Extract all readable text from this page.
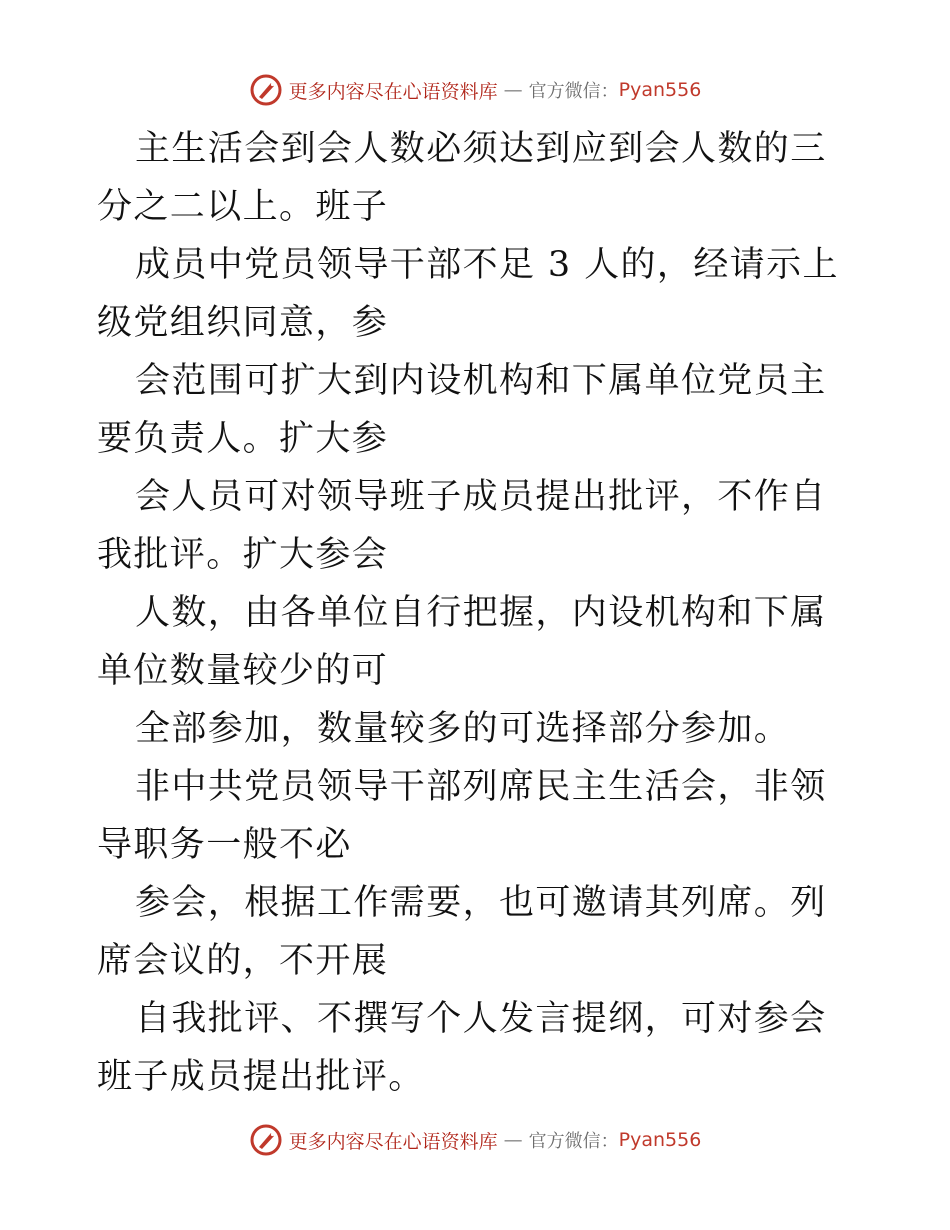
更多内容尽在心语资料库 — 官方微信： Pyan556

主生活会到会人数必须达到应到会人数的三分之二以上。班子

成员中党员领导干部不足 3 人的，经请示上级党组织同意，参

会范围可扩大到内设机构和下属单位党员主要负责人。扩大参

会人员可对领导班子成员提出批评，不作自我批评。扩大参会

人数，由各单位自行把握，内设机构和下属单位数量较少的可

全部参加，数量较多的可选择部分参加。

非中共党员领导干部列席民主生活会，非领导职务一般不必

参会，根据工作需要，也可邀请其列席。列席会议的，不开展

自我批评、不撰写个人发言提纲，可对参会班子成员提出批评。

更多内容尽在心语资料库 — 官方微信： Pyan556
